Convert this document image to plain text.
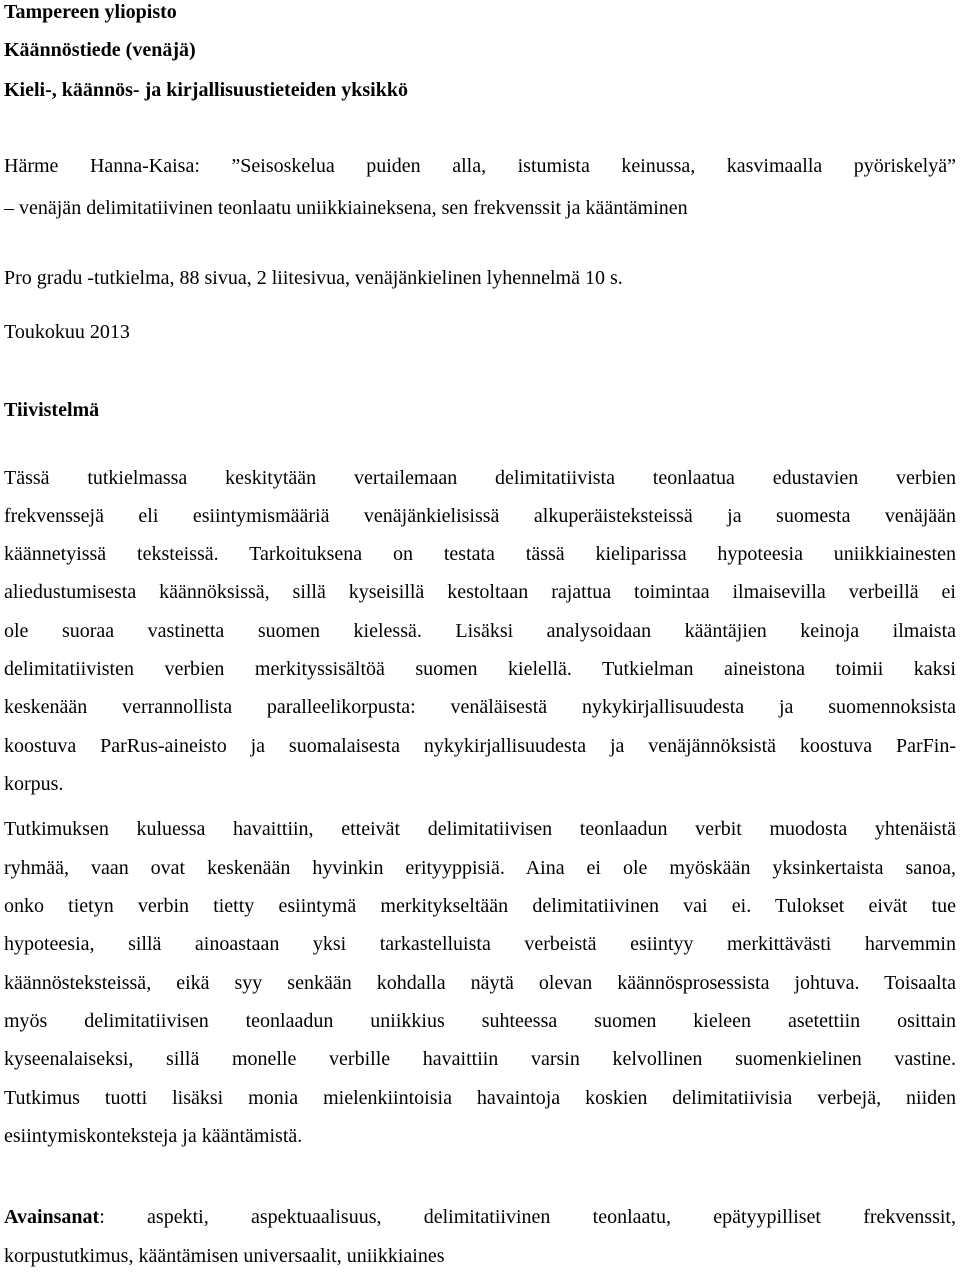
Tampereen yliopisto
Käännöstiede (venäjä)
Kieli-, käännös- ja kirjallisuustieteiden yksikkö
Härme Hanna-Kaisa: ”Seisoskelua puiden alla, istumista keinussa, kasvimaalla pyöriskelyä”
– venäjän delimitatiivinen teonlaatu uniikkiaineksena, sen frekvenssit ja kääntäminen
Pro gradu -tutkielma, 88 sivua, 2 liitesivua, venäjänkielinen lyhennelmä 10 s.
Toukokuu 2013
Tiivistelmä
Tässä tutkielmassa keskitytään vertailemaan delimitatiivista teonlaatua edustavien verbien
frekvenssejä eli esiintymismääriä venäjänkielisissä alkuperäisteksteissä ja suomesta venäjään
käännetyissä teksteissä. Tarkoituksena on testata tässä kieliparissa hypoteesia uniikkiainesten
aliedustumisesta käännöksissä, sillä kyseisillä kestoltaan rajattua toimintaa ilmaisevilla verbeillä ei
ole suoraa vastinetta suomen kielessä. Lisäksi analysoidaan kääntäjien keinoja ilmaista
delimitatiivisten verbien merkityssisältöä suomen kielellä. Tutkielman aineistona toimii kaksi
keskenään verrannollista paralleelikorpusta: venäläisestä nykykirjallisuudesta ja suomennoksista
koostuva ParRus-aineisto ja suomalaisesta nykykirjallisuudesta ja venäjännöksistä koostuva ParFin-
korpus.
Tutkimuksen kuluessa havaittiin, etteivät delimitatiivisen teonlaadun verbit muodosta yhtenäistä
ryhmää, vaan ovat keskenään hyvinkin erityyppisiä. Aina ei ole myöskään yksinkertaista sanoa,
onko tietyn verbin tietty esiintymä merkitykseltään delimitatiivinen vai ei. Tulokset eivät tue
hypoteesia, sillä ainoastaan yksi tarkastelluista verbeistä esiintyy merkittävästi harvemmin
käännösteksteissä, eikä syy senkään kohdalla näytä olevan käännösprosessista johtuva. Toisaalta
myös delimitatiivisen teonlaadun uniikkius suhteessa suomen kieleen asetettiin osittain
kyseenalaiseksi, sillä monelle verbille havaittiin varsin kelvollinen suomenkielinen vastine.
Tutkimus tuotti lisäksi monia mielenkiintoisia havaintoja koskien delimitatiivisia verbejä, niiden
esiintymiskonteksteja ja kääntämistä.
Avainsanat: aspekti, aspektuaalisuus, delimitatiivinen teonlaatu, epätyypilliset frekvenssit,
korpustutkimus, kääntämisen universaalit, uniikkiaines
